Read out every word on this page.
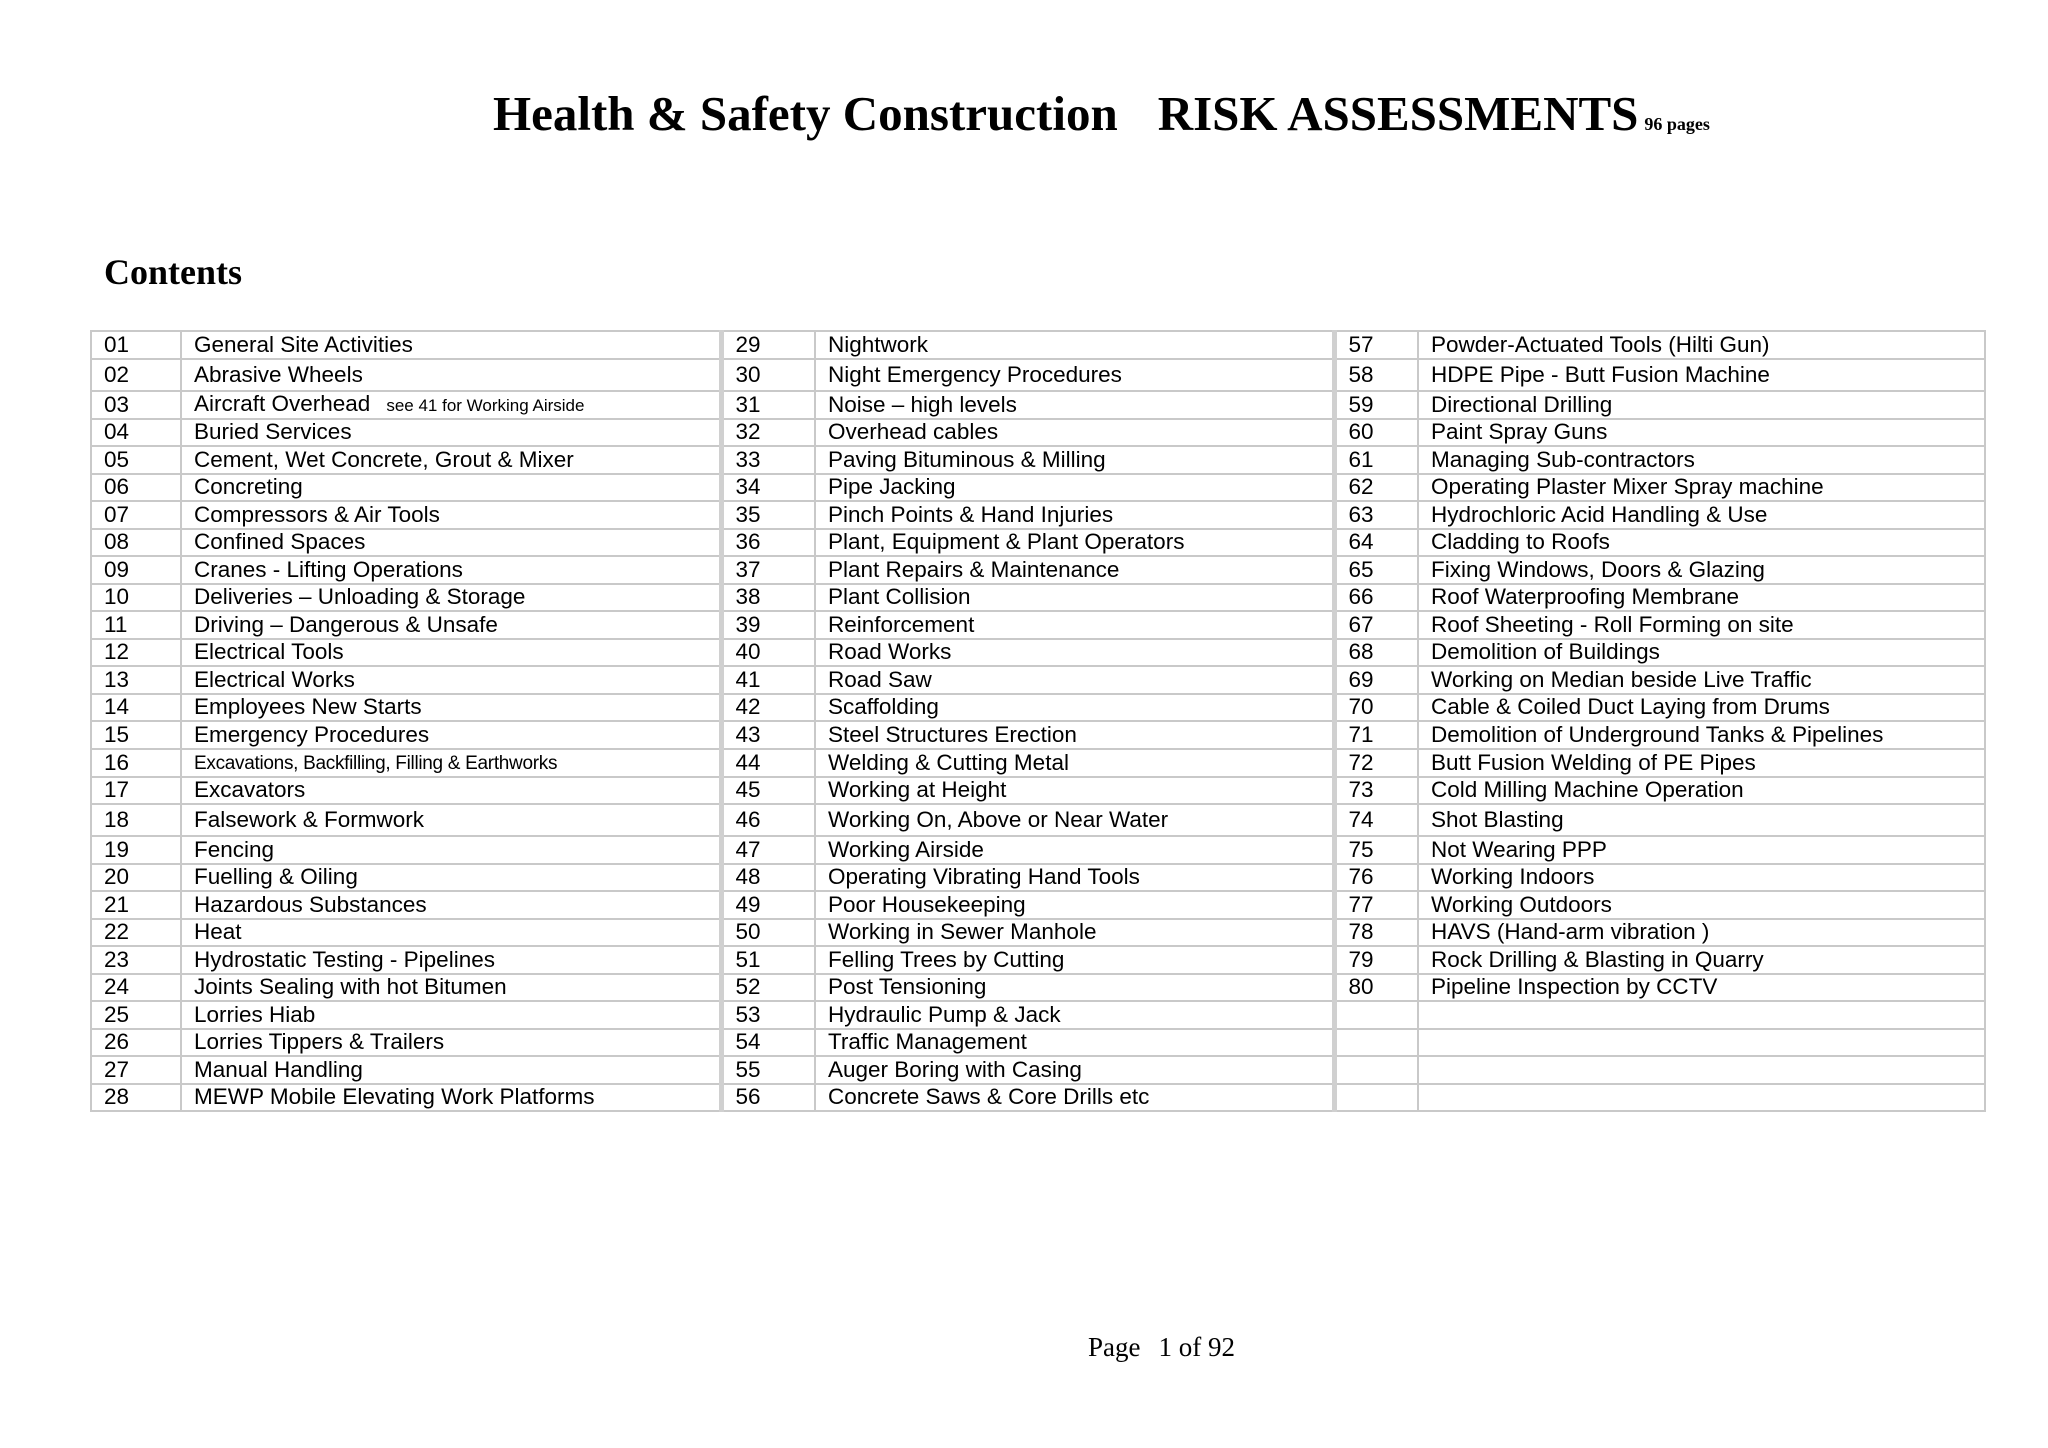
Health & Safety Construction RISK ASSESSMENTS 96 pages
Contents
01	General Site Activities	29	Nightwork	57	Powder-Actuated Tools (Hilti Gun)
02	Abrasive Wheels	30	Night Emergency Procedures	58	HDPE Pipe - Butt Fusion Machine
03	Aircraft Overhead see 41 for Working Airside	31	Noise – high levels	59	Directional Drilling
04	Buried Services	32	Overhead cables	60	Paint Spray Guns
05	Cement, Wet Concrete, Grout & Mixer	33	Paving Bituminous & Milling	61	Managing Sub-contractors
06	Concreting	34	Pipe Jacking	62	Operating Plaster Mixer Spray machine
07	Compressors & Air Tools	35	Pinch Points & Hand Injuries	63	Hydrochloric Acid Handling & Use
08	Confined Spaces	36	Plant, Equipment & Plant Operators	64	Cladding to Roofs
09	Cranes - Lifting Operations	37	Plant Repairs & Maintenance	65	Fixing Windows, Doors & Glazing
10	Deliveries – Unloading & Storage	38	Plant Collision	66	Roof Waterproofing Membrane
11	Driving – Dangerous & Unsafe	39	Reinforcement	67	Roof Sheeting - Roll Forming on site
12	Electrical Tools	40	Road Works	68	Demolition of Buildings
13	Electrical Works	41	Road Saw	69	Working on Median beside Live Traffic
14	Employees New Starts	42	Scaffolding	70	Cable & Coiled Duct Laying from Drums
15	Emergency Procedures	43	Steel Structures Erection	71	Demolition of Underground Tanks & Pipelines
16	Excavations, Backfilling, Filling & Earthworks	44	Welding & Cutting Metal	72	Butt Fusion Welding of PE Pipes
17	Excavators	45	Working at Height	73	Cold Milling Machine Operation
18	Falsework & Formwork	46	Working On, Above or Near Water	74	Shot Blasting
19	Fencing	47	Working Airside	75	Not Wearing PPP
20	Fuelling & Oiling	48	Operating Vibrating Hand Tools	76	Working Indoors
21	Hazardous Substances	49	Poor Housekeeping	77	Working Outdoors
22	Heat	50	Working in Sewer Manhole	78	HAVS (Hand-arm vibration )
23	Hydrostatic Testing - Pipelines	51	Felling Trees by Cutting	79	Rock Drilling & Blasting in Quarry
24	Joints Sealing with hot Bitumen	52	Post Tensioning	80	Pipeline Inspection by CCTV
25	Lorries Hiab	53	Hydraulic Pump & Jack		
26	Lorries Tippers & Trailers	54	Traffic Management		
27	Manual Handling	55	Auger Boring with Casing		
28	MEWP Mobile Elevating Work Platforms	56	Concrete Saws & Core Drills etc		
Page 1 of 92
